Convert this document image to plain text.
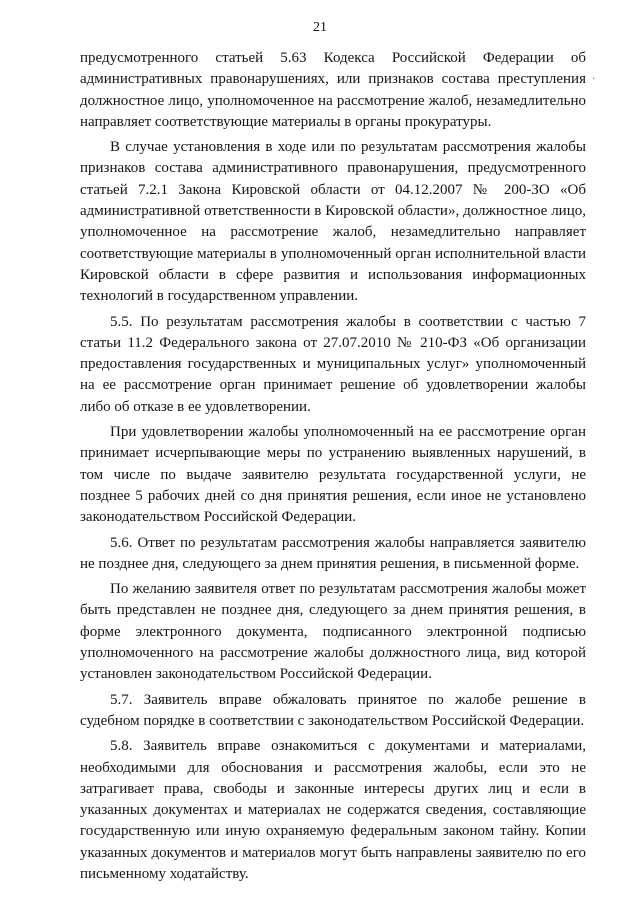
21
·

предусмотренного статьей 5.63 Кодекса Российской Федерации об административных правонарушениях, или признаков состава преступления должностное лицо, уполномоченное на рассмотрение жалоб, незамедлительно направляет соответствующие материалы в органы прокуратуры.

В случае установления в ходе или по результатам рассмотрения жалобы признаков состава административного правонарушения, предусмотренного статьей 7.2.1 Закона Кировской области от 04.12.2007 № 200-ЗО «Об административной ответственности в Кировской области», должностное лицо, уполномоченное на рассмотрение жалоб, незамедлительно направляет соответствующие материалы в уполномоченный орган исполнительной власти Кировской области в сфере развития и использования информационных технологий в государственном управлении.

5.5. По результатам рассмотрения жалобы в соответствии с частью 7 статьи 11.2 Федерального закона от 27.07.2010 № 210-ФЗ «Об организации предоставления государственных и муниципальных услуг» уполномоченный на ее рассмотрение орган принимает решение об удовлетворении жалобы либо об отказе в ее удовлетворении.

При удовлетворении жалобы уполномоченный на ее рассмотрение орган принимает исчерпывающие меры по устранению выявленных нарушений, в том числе по выдаче заявителю результата государственной услуги, не позднее 5 рабочих дней со дня принятия решения, если иное не установлено законодательством Российской Федерации.

5.6. Ответ по результатам рассмотрения жалобы направляется заявителю не позднее дня, следующего за днем принятия решения, в письменной форме.

По желанию заявителя ответ по результатам рассмотрения жалобы может быть представлен не позднее дня, следующего за днем принятия решения, в форме электронного документа, подписанного электронной подписью уполномоченного на рассмотрение жалобы должностного лица, вид которой установлен законодательством Российской Федерации.

5.7. Заявитель вправе обжаловать принятое по жалобе решение в судебном порядке в соответствии с законодательством Российской Федерации.

5.8. Заявитель вправе ознакомиться с документами и материалами, необходимыми для обоснования и рассмотрения жалобы, если это не затрагивает права, свободы и законные интересы других лиц и если в указанных документах и материалах не содержатся сведения, составляющие государственную или иную охраняемую федеральным законом тайну. Копии указанных документов и материалов могут быть направлены заявителю по его письменному ходатайству.
